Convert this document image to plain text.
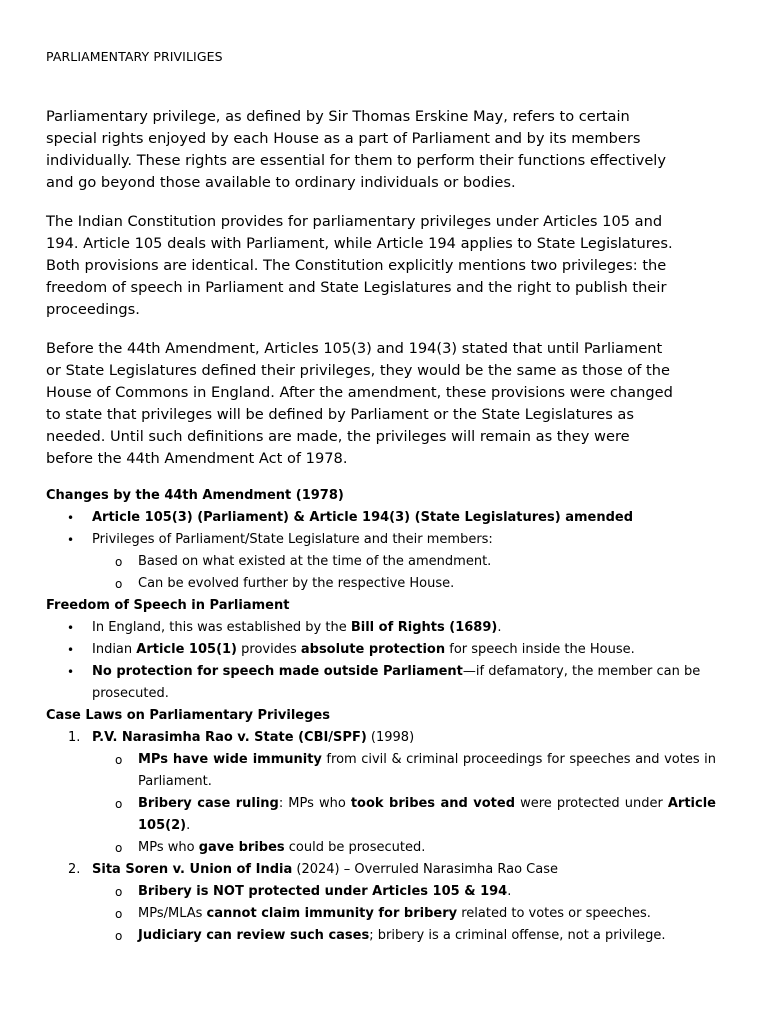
PARLIAMENTARY PRIVILIGES

Parliamentary privilege, as defined by Sir Thomas Erskine May, refers to certain
special rights enjoyed by each House as a part of Parliament and by its members
individually. These rights are essential for them to perform their functions effectively
and go beyond those available to ordinary individuals or bodies.

The Indian Constitution provides for parliamentary privileges under Articles 105 and
194. Article 105 deals with Parliament, while Article 194 applies to State Legislatures.
Both provisions are identical. The Constitution explicitly mentions two privileges: the
freedom of speech in Parliament and State Legislatures and the right to publish their
proceedings.

Before the 44th Amendment, Articles 105(3) and 194(3) stated that until Parliament
or State Legislatures defined their privileges, they would be the same as those of the
House of Commons in England. After the amendment, these provisions were changed
to state that privileges will be defined by Parliament or the State Legislatures as
needed. Until such definitions are made, the privileges will remain as they were
before the 44th Amendment Act of 1978.

Changes by the 44th Amendment (1978)
• Article 105(3) (Parliament) & Article 194(3) (State Legislatures) amended
• Privileges of Parliament/State Legislature and their members:
o Based on what existed at the time of the amendment.
o Can be evolved further by the respective House.
Freedom of Speech in Parliament
• In England, this was established by the Bill of Rights (1689).
• Indian Article 105(1) provides absolute protection for speech inside the House.
• No protection for speech made outside Parliament—if defamatory, the member can be prosecuted.
Case Laws on Parliamentary Privileges
1. P.V. Narasimha Rao v. State (CBI/SPF) (1998)
o MPs have wide immunity from civil & criminal proceedings for speeches and votes in Parliament.
o Bribery case ruling: MPs who took bribes and voted were protected under Article 105(2).
o MPs who gave bribes could be prosecuted.
2. Sita Soren v. Union of India (2024) – Overruled Narasimha Rao Case
o Bribery is NOT protected under Articles 105 & 194.
o MPs/MLAs cannot claim immunity for bribery related to votes or speeches.
o Judiciary can review such cases; bribery is a criminal offense, not a privilege.
